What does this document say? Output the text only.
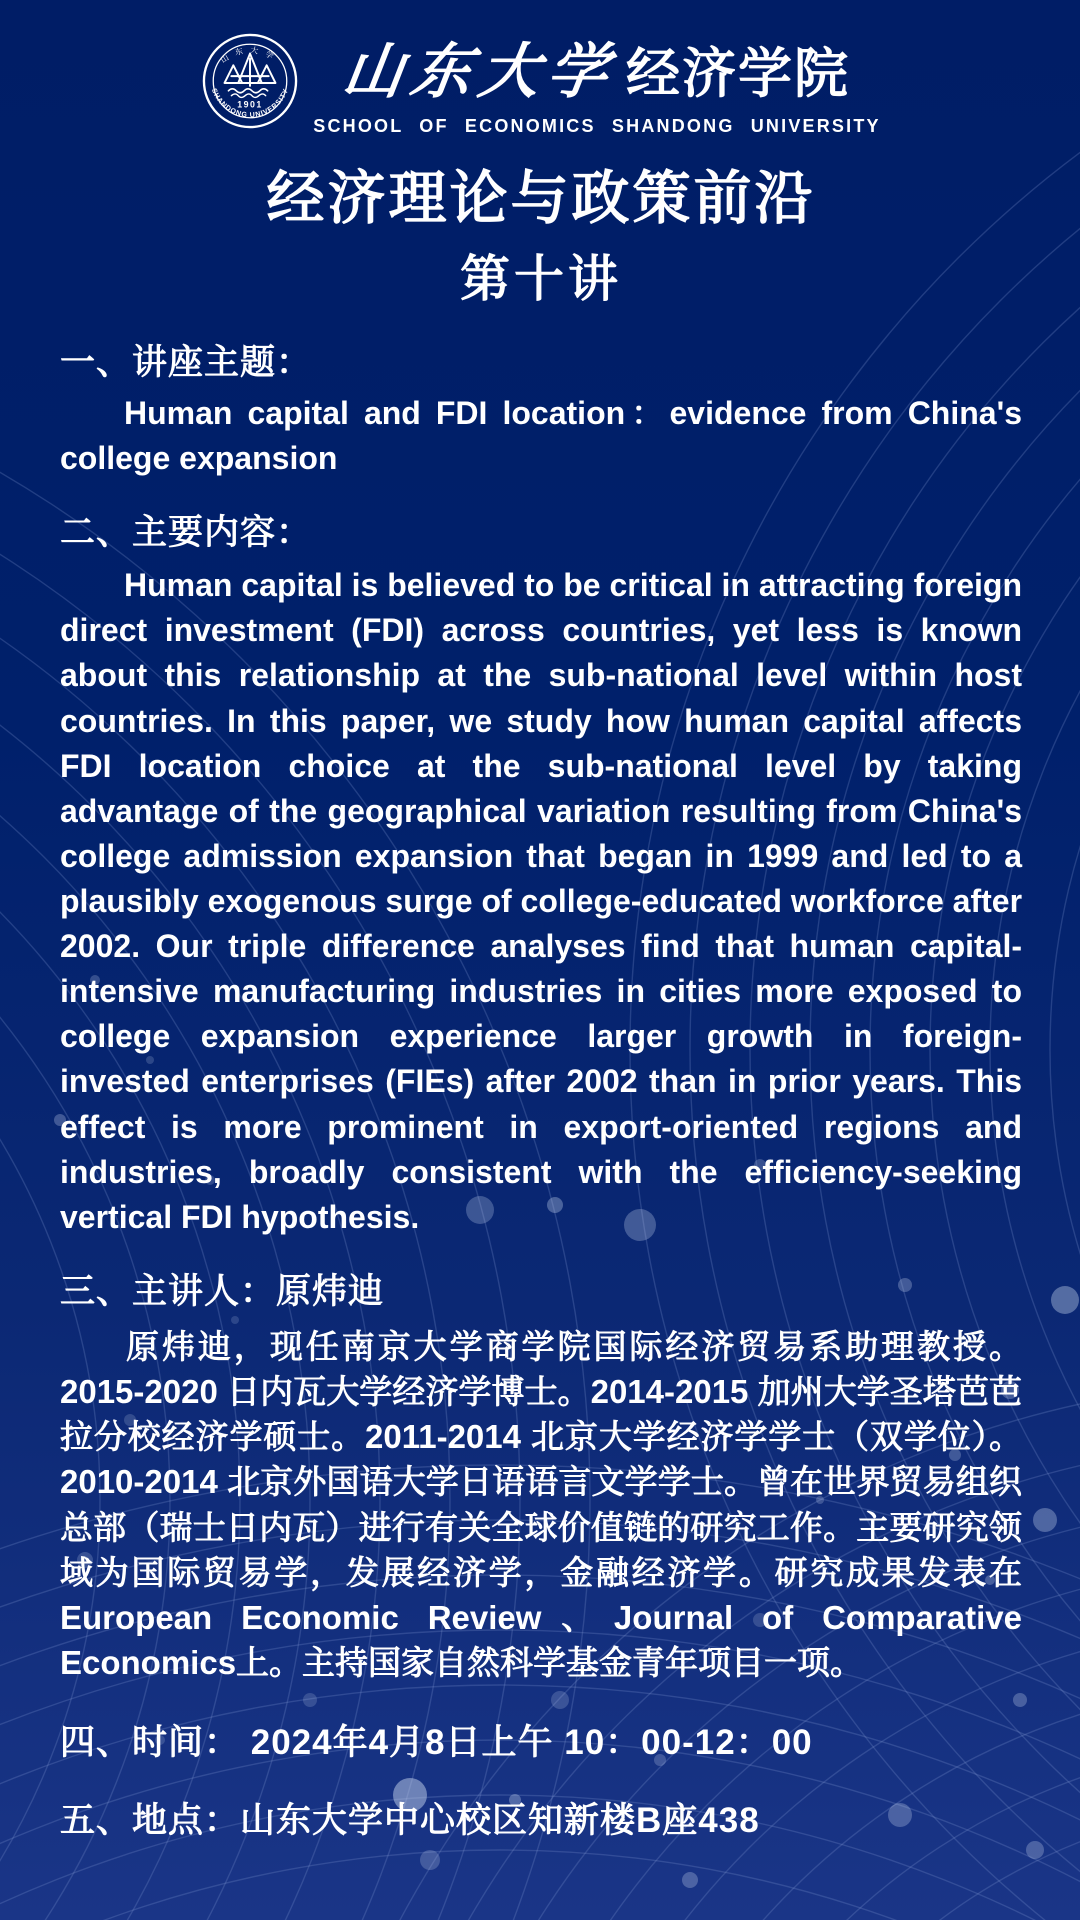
1901
SHANDONG UNIVERSITY
山东大学 山东大学 经济学院
SCHOOL OF ECONOMICS SHANDONG UNIVERSITY
经济理论与政策前沿
第十讲
一、讲座主题：
Human capital and FDI location：evidence from China's college expansion
二、主要内容：
Human capital is believed to be critical in attracting foreign direct investment (FDI) across countries, yet less is known about this relationship at the sub-national level within host countries. In this paper, we study how human capital affects FDI location choice at the sub-national level by taking advantage of the geographical variation resulting from China's college admission expansion that began in 1999 and led to a plausibly exogenous surge of college-educated workforce after 2002. Our triple difference analyses find that human capital-intensive manufacturing industries in cities more exposed to college expansion experience larger growth in foreign-invested enterprises (FIEs) after 2002 than in prior years. This effect is more prominent in export-oriented regions and industries, broadly consistent with the efficiency-seeking vertical FDI hypothesis.
三、主讲人：原炜迪
原炜迪，现任南京大学商学院国际经济贸易系助理教授。2015-2020 日内瓦大学经济学博士。2014-2015 加州大学圣塔芭芭拉分校经济学硕士。2011-2014 北京大学经济学学士（双学位）。2010-2014 北京外国语大学日语语言文学学士。曾在世界贸易组织总部（瑞士日内瓦）进行有关全球价值链的研究工作。主要研究领域为国际贸易学，发展经济学，金融经济学。研究成果发表在 European Economic Review、Journal of Comparative Economics上。主持国家自然科学基金青年项目一项。
四、时间： 2024年4月8日上午 10：00-12：00
五、地点：山东大学中心校区知新楼B座438
